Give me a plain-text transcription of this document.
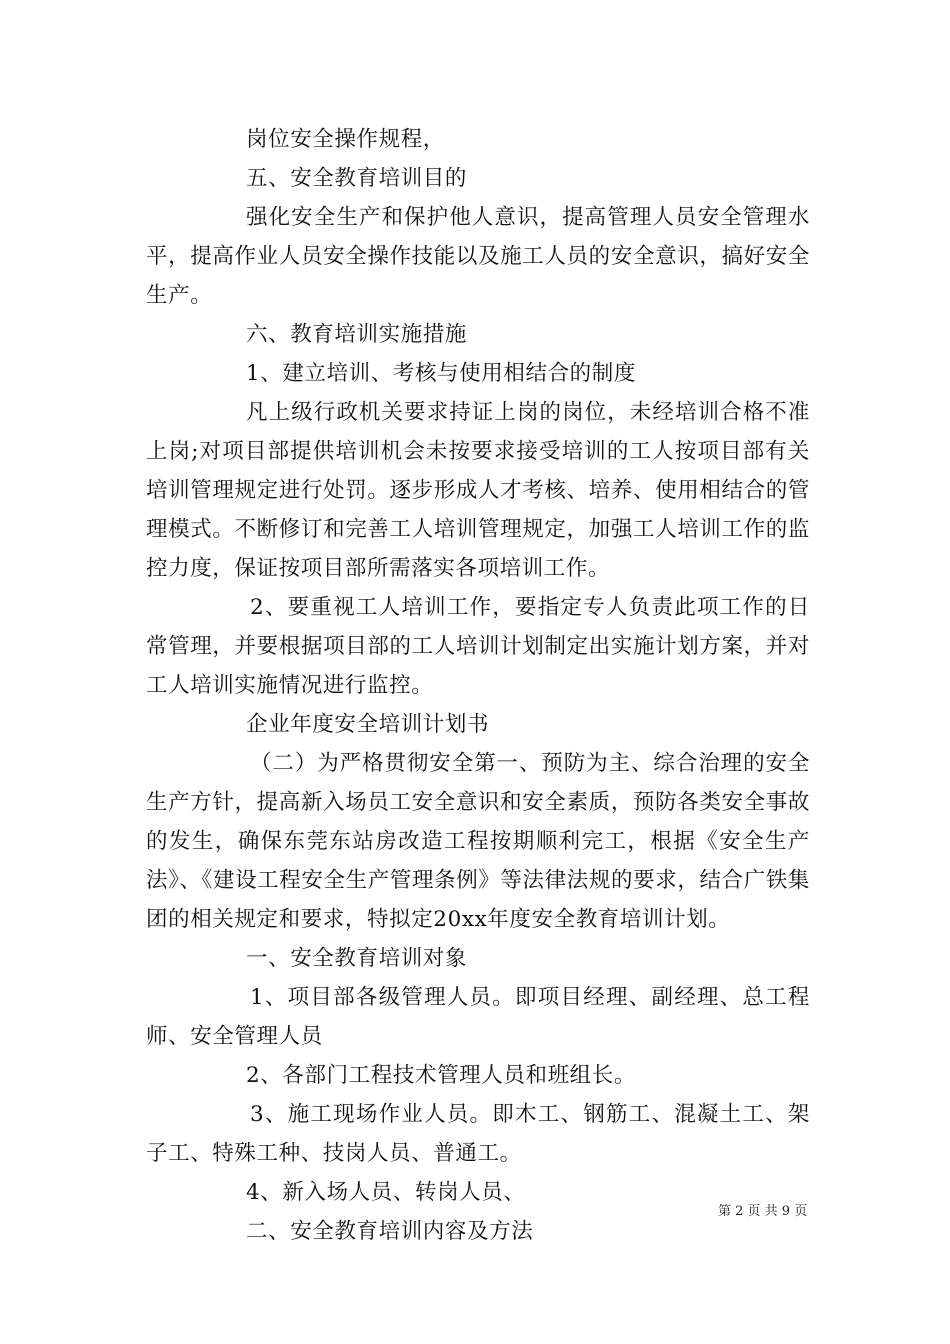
岗位安全操作规程，

五、安全教育培训目的

强化安全生产和保护他人意识，提高管理人员安全管理水平，提高作业人员安全操作技能以及施工人员的安全意识，搞好安全生产。

六、教育培训实施措施

1、建立培训、考核与使用相结合的制度

凡上级行政机关要求持证上岗的岗位，未经培训合格不准上岗;对项目部提供培训机会未按要求接受培训的工人按项目部有关培训管理规定进行处罚。逐步形成人才考核、培养、使用相结合的管理模式。不断修订和完善工人培训管理规定，加强工人培训工作的监控力度，保证按项目部所需落实各项培训工作。

2、要重视工人培训工作，要指定专人负责此项工作的日常管理，并要根据项目部的工人培训计划制定出实施计划方案，并对工人培训实施情况进行监控。

企业年度安全培训计划书

（二）为严格贯彻安全第一、预防为主、综合治理的安全生产方针，提高新入场员工安全意识和安全素质，预防各类安全事故的发生，确保东莞东站房改造工程按期顺利完工，根据《安全生产法》、《建设工程安全生产管理条例》等法律法规的要求，结合广铁集团的相关规定和要求，特拟定20xx年度安全教育培训计划。

一、安全教育培训对象

1、项目部各级管理人员。即项目经理、副经理、总工程师、安全管理人员

2、各部门工程技术管理人员和班组长。

3、施工现场作业人员。即木工、钢筋工、混凝土工、架子工、特殊工种、技岗人员、普通工。

4、新入场人员、转岗人员、

二、安全教育培训内容及方法

第 2 页 共 9 页
